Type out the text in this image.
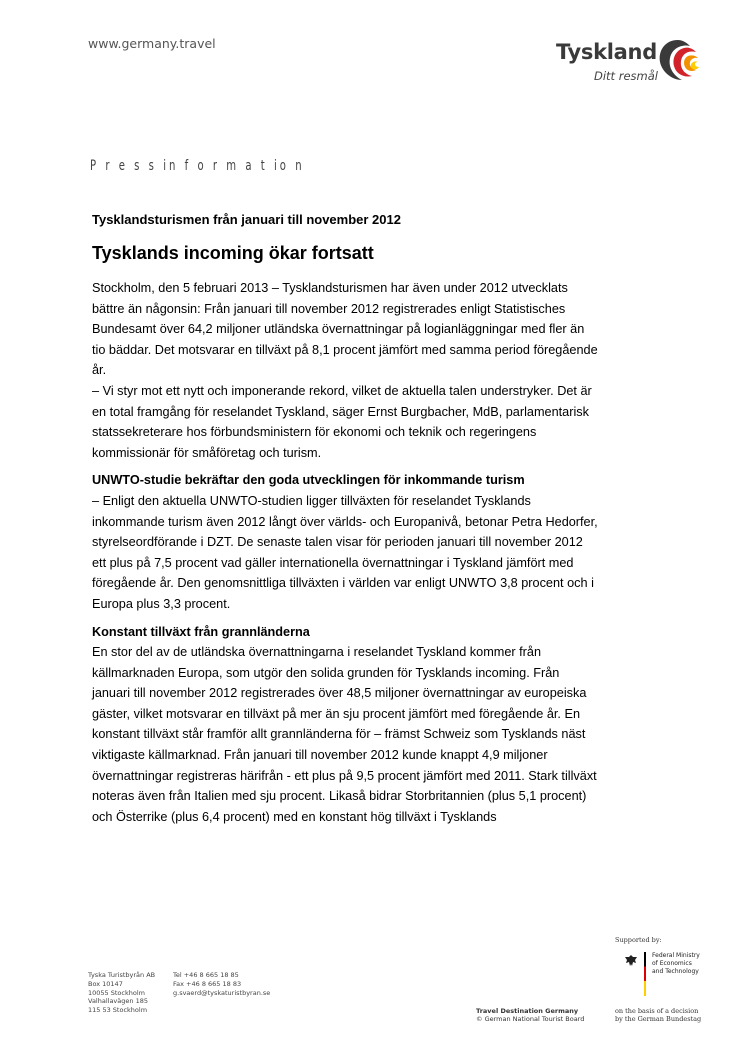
www.germany.travel	Tyskland
Ditt resmål
P r e s s in f o r m a t io n
Tysklandsturismen från januari till november 2012
Tysklands incoming ökar fortsatt

Stockholm, den 5 februari 2013 – Tysklandsturismen har även under 2012 utvecklats

bättre än någonsin: Från januari till november 2012 registrerades enligt Statistisches

Bundesamt över 64,2 miljoner utländska övernattningar på logianläggningar med fler än

tio bäddar. Det motsvarar en tillväxt på 8,1 procent jämfört med samma period föregående

år.

– Vi styr mot ett nytt och imponerande rekord, vilket de aktuella talen understryker. Det är

en total framgång för reselandet Tyskland, säger Ernst Burgbacher, MdB, parlamentarisk

statssekreterare hos förbundsministern för ekonomi och teknik och regeringens

kommissionär för småföretag och turism.

UNWTO-studie bekräftar den goda utvecklingen för inkommande turism

– Enligt den aktuella UNWTO-studien ligger tillväxten för reselandet Tysklands

inkommande turism även 2012 långt över världs- och Europanivå, betonar Petra Hedorfer,

styrelseordförande i DZT. De senaste talen visar för perioden januari till november 2012

ett plus på 7,5 procent vad gäller internationella övernattningar i Tyskland jämfört med

föregående år. Den genomsnittliga tillväxten i världen var enligt UNWTO 3,8 procent och i

Europa plus 3,3 procent.

Konstant tillväxt från grannländerna

En stor del av de utländska övernattningarna i reselandet Tyskland kommer från

källmarknaden Europa, som utgör den solida grunden för Tysklands incoming. Från

januari till november 2012 registrerades över 48,5 miljoner övernattningar av europeiska

gäster, vilket motsvarar en tillväxt på mer än sju procent jämfört med föregående år. En

konstant tillväxt står framför allt grannländerna för – främst Schweiz som Tysklands näst

viktigaste källmarknad. Från januari till november 2012 kunde knappt 4,9 miljoner

övernattningar registreras härifrån - ett plus på 9,5 procent jämfört med 2011. Stark tillväxt

noteras även från Italien med sju procent. Likaså bidrar Storbritannien (plus 5,1 procent)

och Österrike (plus 6,4 procent) med en konstant hög tillväxt i Tysklands

Supported by:
Federal Ministry
of Economics
and Technology
on the basis of a decision
by the German Bundestag
Tyska Turistbyrån AB
Box 10147
10055 Stockholm
Valhallavägen 185
115 53 Stockholm
Tel +46 8 665 18 85
Fax +46 8 665 18 83
g.svaerd@tyskaturistbyran.se
Travel Destination Germany
© German National Tourist Board
